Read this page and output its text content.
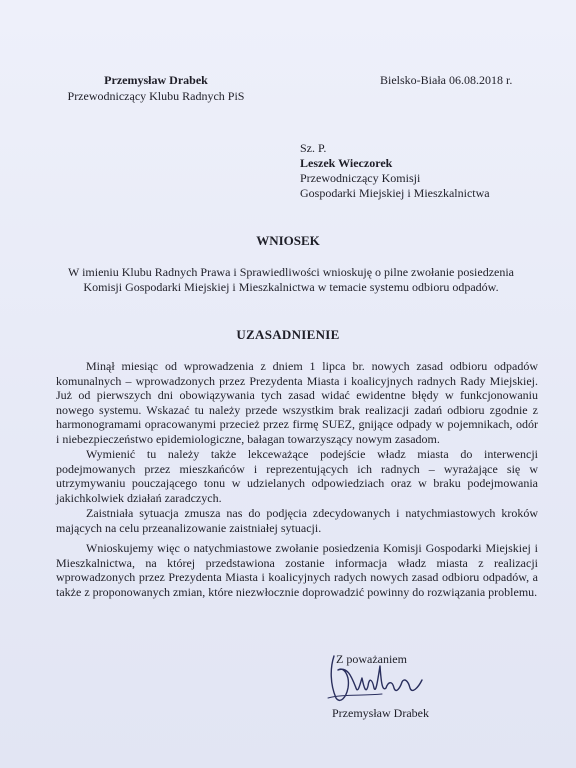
Przemysław Drabek
Przewodniczący Klubu Radnych PiS
Bielsko-Biała 06.08.2018 r.
Sz. P.
Leszek Wieczorek
Przewodniczący Komisji
Gospodarki Miejskiej i Mieszkalnictwa
WNIOSEK
W imieniu Klubu Radnych Prawa i Sprawiedliwości wnioskuję o pilne zwołanie posiedzenia Komisji Gospodarki Miejskiej i Mieszkalnictwa w temacie systemu odbioru odpadów.
UZASADNIENIE

Minął miesiąc od wprowadzenia z dniem 1 lipca br. nowych zasad odbioru odpadów komunalnych – wprowadzonych przez Prezydenta Miasta i koalicyjnych radnych Rady Miejskiej. Już od pierwszych dni obowiązywania tych zasad widać ewidentne błędy w funkcjonowaniu nowego systemu. Wskazać tu należy przede wszystkim brak realizacji zadań odbioru zgodnie z harmonogramami opracowanymi przecież przez firmę SUEZ, gnijące odpady w pojemnikach, odór i niebezpieczeństwo epidemiologiczne, bałagan towarzyszący nowym zasadom.

Wymienić tu należy także lekceważące podejście władz miasta do interwencji podejmowanych przez mieszkańców i reprezentujących ich radnych – wyrażające się w utrzymywaniu pouczającego tonu w udzielanych odpowiedziach oraz w braku podejmowania jakichkolwiek działań zaradczych.

Zaistniała sytuacja zmusza nas do podjęcia zdecydowanych i natychmiastowych kroków mających na celu przeanalizowanie zaistniałej sytuacji.

Wnioskujemy więc o natychmiastowe zwołanie posiedzenia Komisji Gospodarki Miejskiej i Mieszkalnictwa, na której przedstawiona zostanie informacja władz miasta z realizacji wprowadzonych przez Prezydenta Miasta i koalicyjnych radych nowych zasad odbioru odpadów, a także z proponowanych zmian, które niezwłocznie doprowadzić powinny do rozwiązania problemu.

Z poważaniem
Przemysław Drabek
